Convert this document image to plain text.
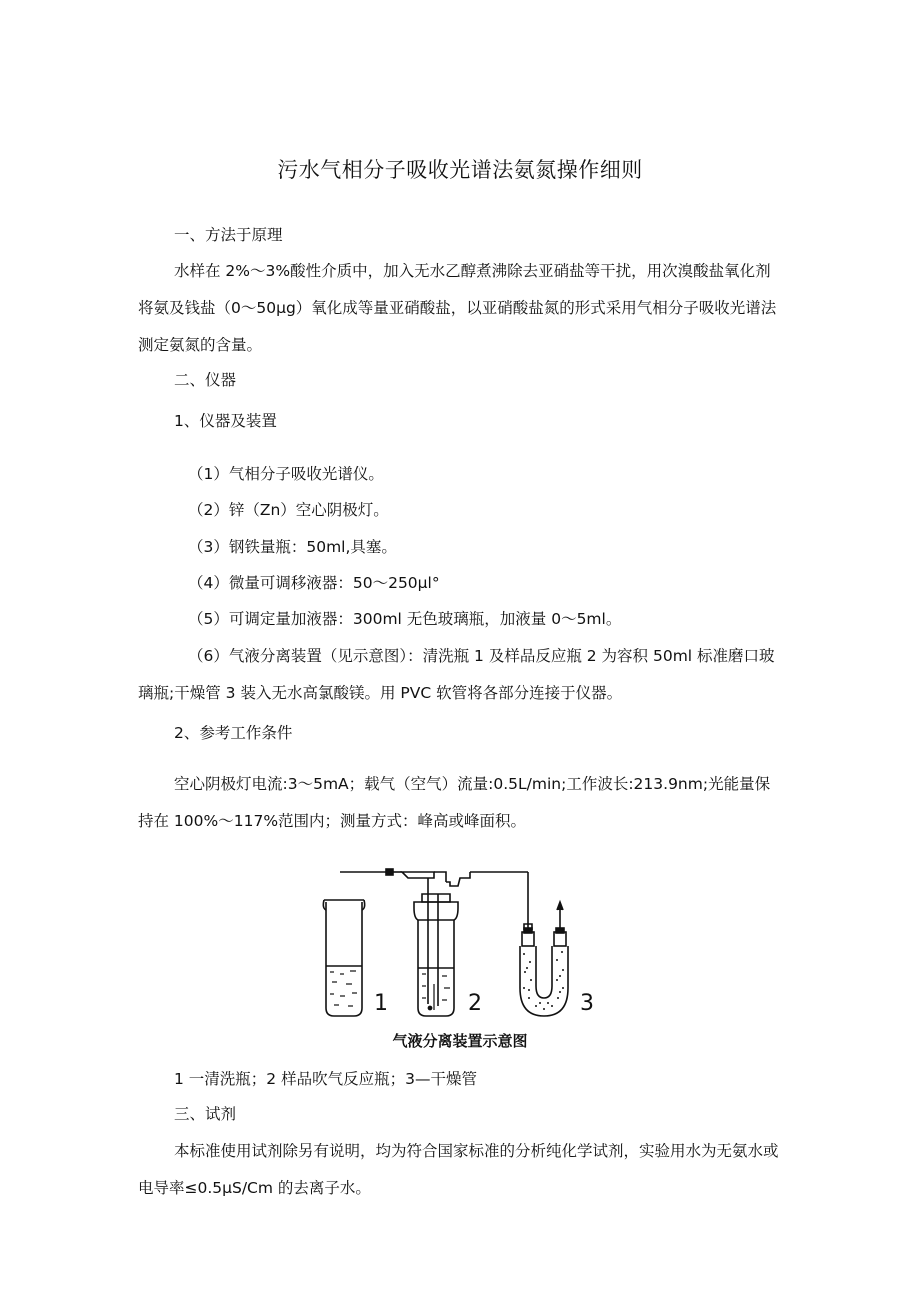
污水气相分子吸收光谱法氨氮操作细则
一、方法于原理
水样在 2%～3%酸性介质中，加入无水乙醇煮沸除去亚硝盐等干扰，用次溴酸盐氧化剂将氨及钱盐（0～50μg）氧化成等量亚硝酸盐，以亚硝酸盐氮的形式采用气相分子吸收光谱法测定氨氮的含量。
二、仪器
1、仪器及装置
（1）气相分子吸收光谱仪。
（2）锌（Zn）空心阴极灯。
（3）钢铁量瓶：50ml,具塞。
（4）微量可调移液器：50～250μl°
（5）可调定量加液器：300ml 无色玻璃瓶，加液量 0～5ml。
（6）气液分离装置（见示意图）：清洗瓶 1 及样品反应瓶 2 为容积 50ml 标准磨口玻璃瓶;干燥管 3 装入无水高氯酸镁。用 PVC 软管将各部分连接于仪器。
2、参考工作条件
空心阴极灯电流:3～5mA；载气（空气）流量:0.5L/min;工作波长:213.9nm;光能量保持在 100%～117%范围内；测量方式：峰高或峰面积。
1	2	3
气液分离装置示意图
1 一清洗瓶；2 样品吹气反应瓶；3—干燥管
三、试剂
本标准使用试剂除另有说明，均为符合国家标准的分析纯化学试剂，实验用水为无氨水或电导率≤0.5μS/Cm 的去离子水。
